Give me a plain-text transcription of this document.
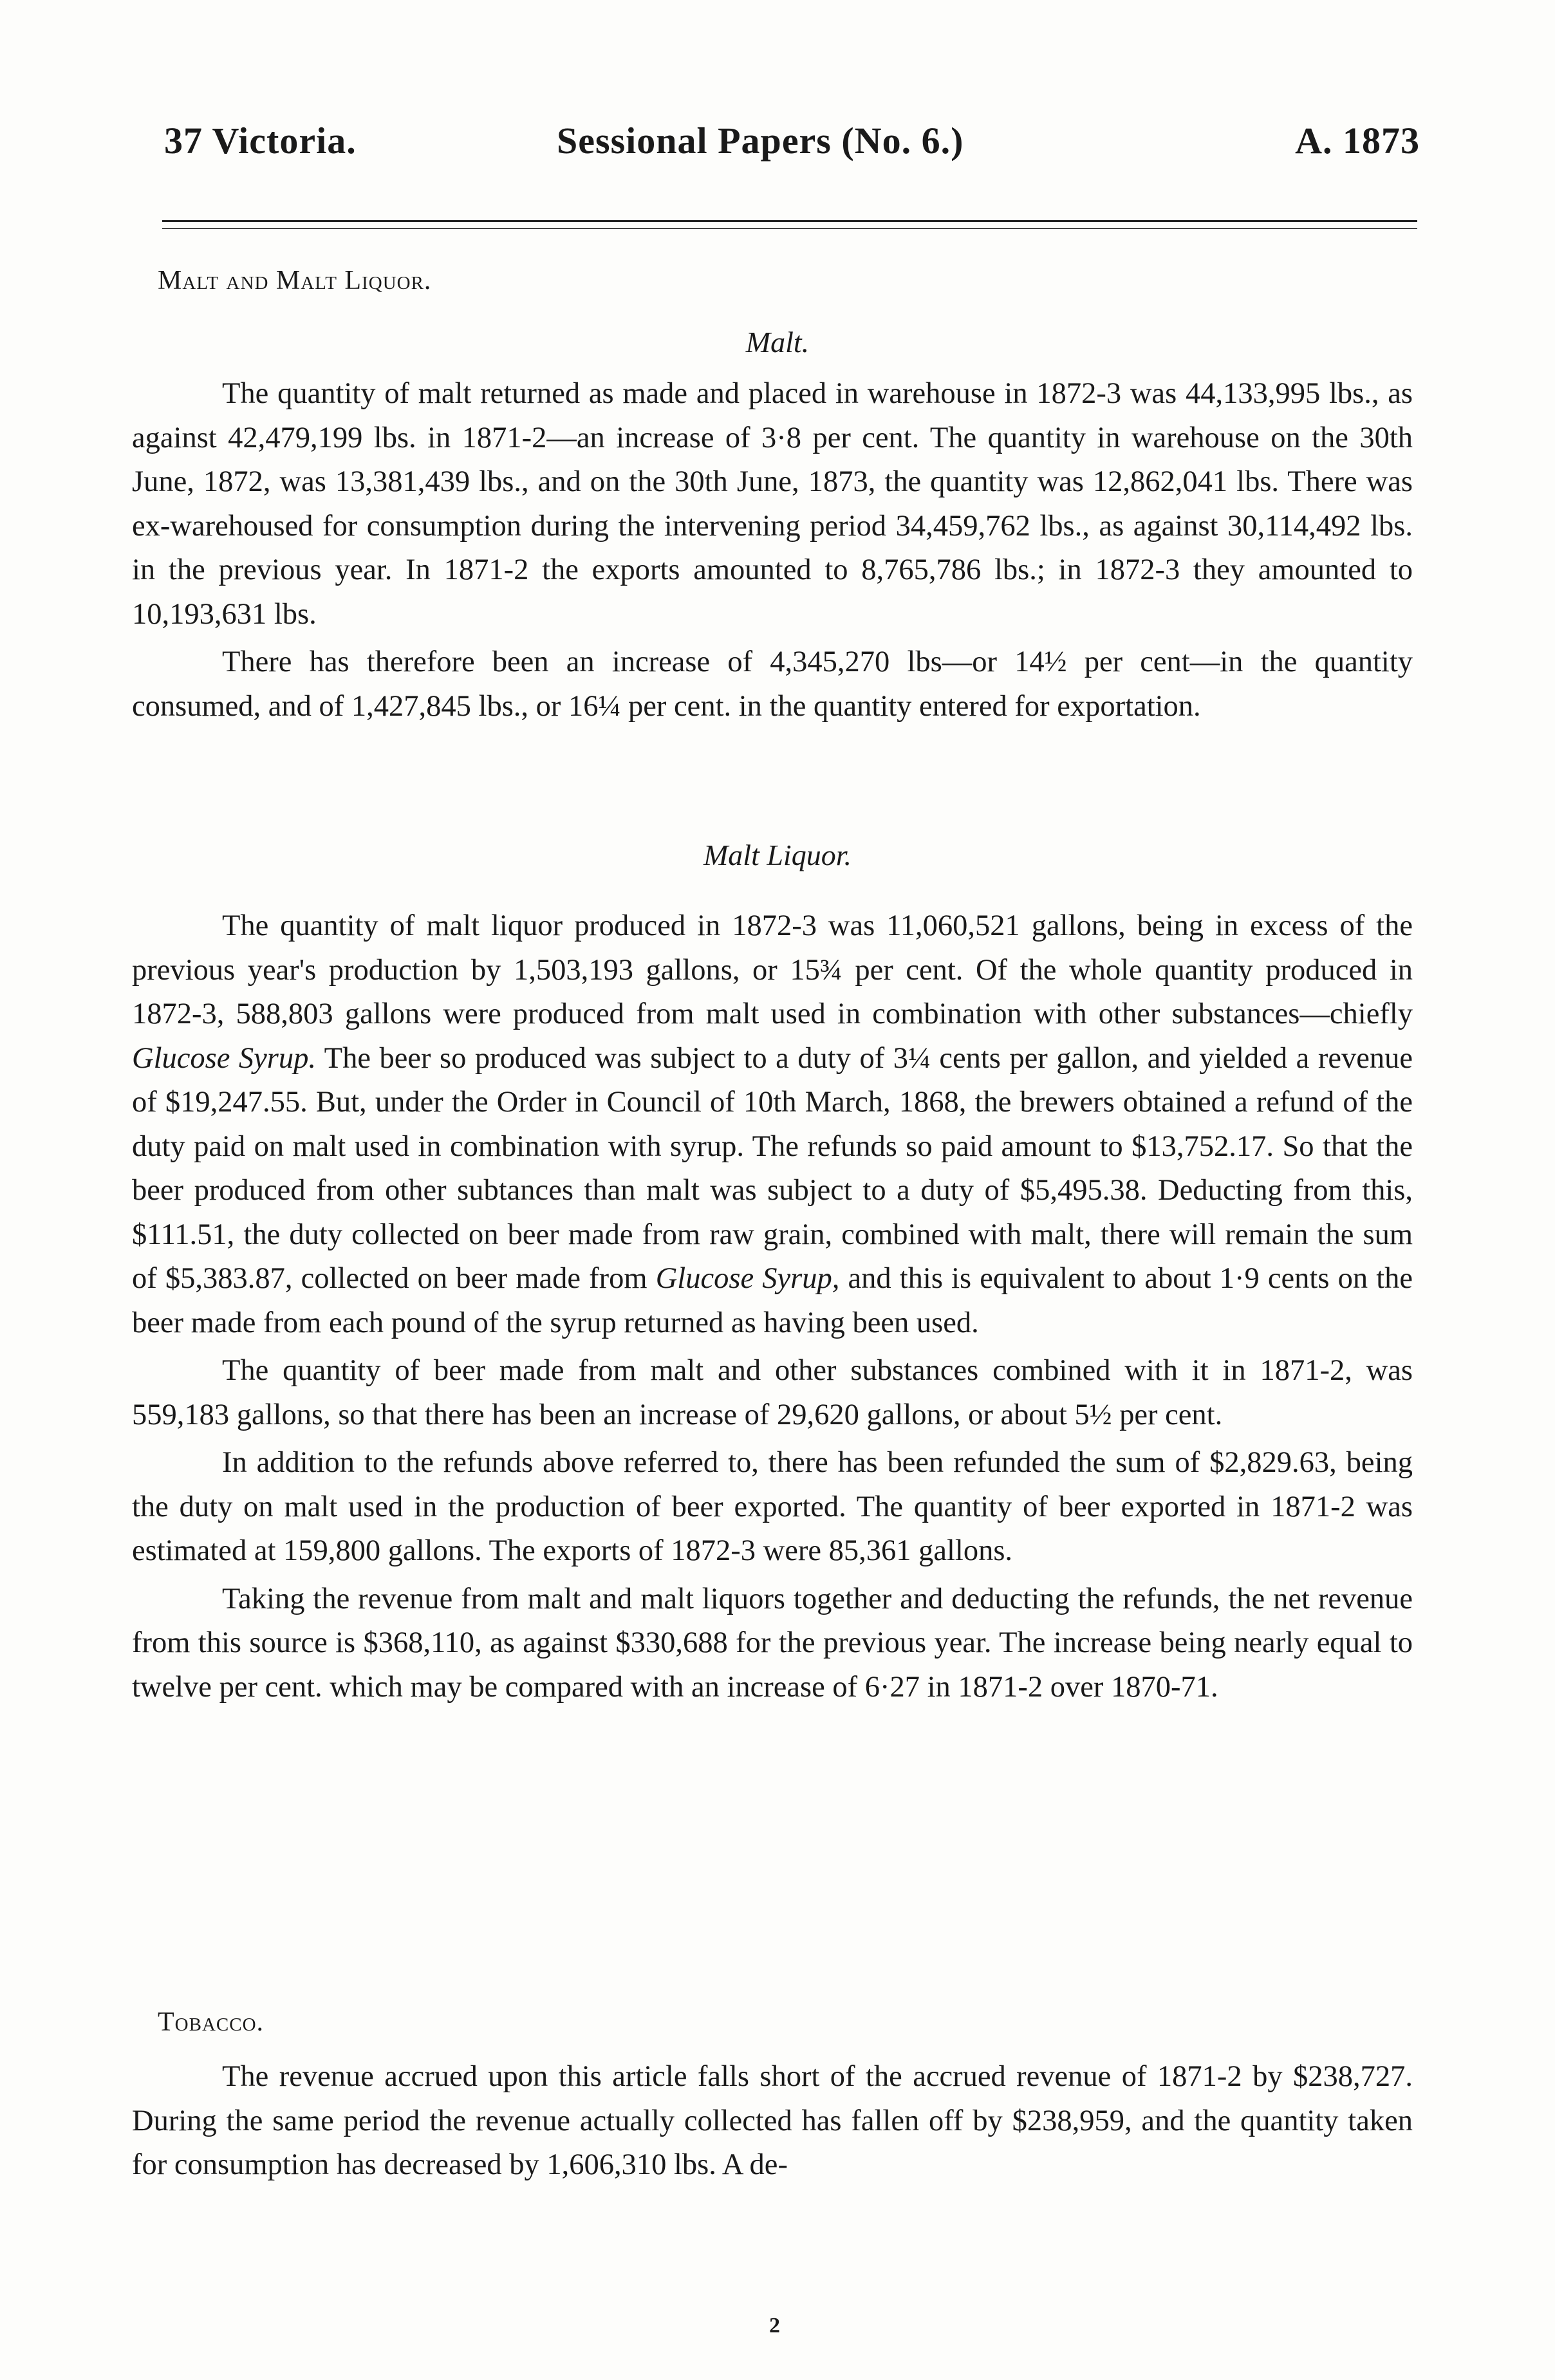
37 Victoria.	Sessional Papers (No. 6.)	A. 1873
Malt and Malt Liquor.
Malt.

The quantity of malt returned as made and placed in warehouse in 1872-3 was 44,133,995 lbs., as against 42,479,199 lbs. in 1871-2—an increase of 3·8 per cent. The quantity in warehouse on the 30th June, 1872, was 13,381,439 lbs., and on the 30th June, 1873, the quantity was 12,862,041 lbs. There was ex-warehoused for consumption during the intervening period 34,459,762 lbs., as against 30,114,492 lbs. in the previous year. In 1871-2 the exports amounted to 8,765,786 lbs.; in 1872-3 they amounted to 10,193,631 lbs.

There has therefore been an increase of 4,345,270 lbs—or 14½ per cent—in the quantity consumed, and of 1,427,845 lbs., or 16¼ per cent. in the quantity entered for exportation.

Malt Liquor.

The quantity of malt liquor produced in 1872-3 was 11,060,521 gallons, being in excess of the previous year's production by 1,503,193 gallons, or 15¾ per cent. Of the whole quantity produced in 1872-3, 588,803 gallons were produced from malt used in combination with other substances—chiefly Glucose Syrup. The beer so produced was subject to a duty of 3¼ cents per gallon, and yielded a revenue of $19,247.55. But, under the Order in Council of 10th March, 1868, the brewers obtained a refund of the duty paid on malt used in combination with syrup. The refunds so paid amount to $13,752.17. So that the beer produced from other subtances than malt was subject to a duty of $5,495.38. Deducting from this, $111.51, the duty collected on beer made from raw grain, combined with malt, there will remain the sum of $5,383.87, collected on beer made from Glucose Syrup, and this is equivalent to about 1·9 cents on the beer made from each pound of the syrup returned as having been used.

The quantity of beer made from malt and other substances combined with it in 1871-2, was 559,183 gallons, so that there has been an increase of 29,620 gallons, or about 5½ per cent.

In addition to the refunds above referred to, there has been refunded the sum of $2,829.63, being the duty on malt used in the production of beer exported. The quantity of beer exported in 1871-2 was estimated at 159,800 gallons. The exports of 1872-3 were 85,361 gallons.

Taking the revenue from malt and malt liquors together and deducting the refunds, the net revenue from this source is $368,110, as against $330,688 for the previous year. The increase being nearly equal to twelve per cent. which may be compared with an increase of 6·27 in 1871-2 over 1870-71.

Tobacco.

The revenue accrued upon this article falls short of the accrued revenue of 1871-2 by $238,727. During the same period the revenue actually collected has fallen off by $238,959, and the quantity taken for consumption has decreased by 1,606,310 lbs. A de-

2
